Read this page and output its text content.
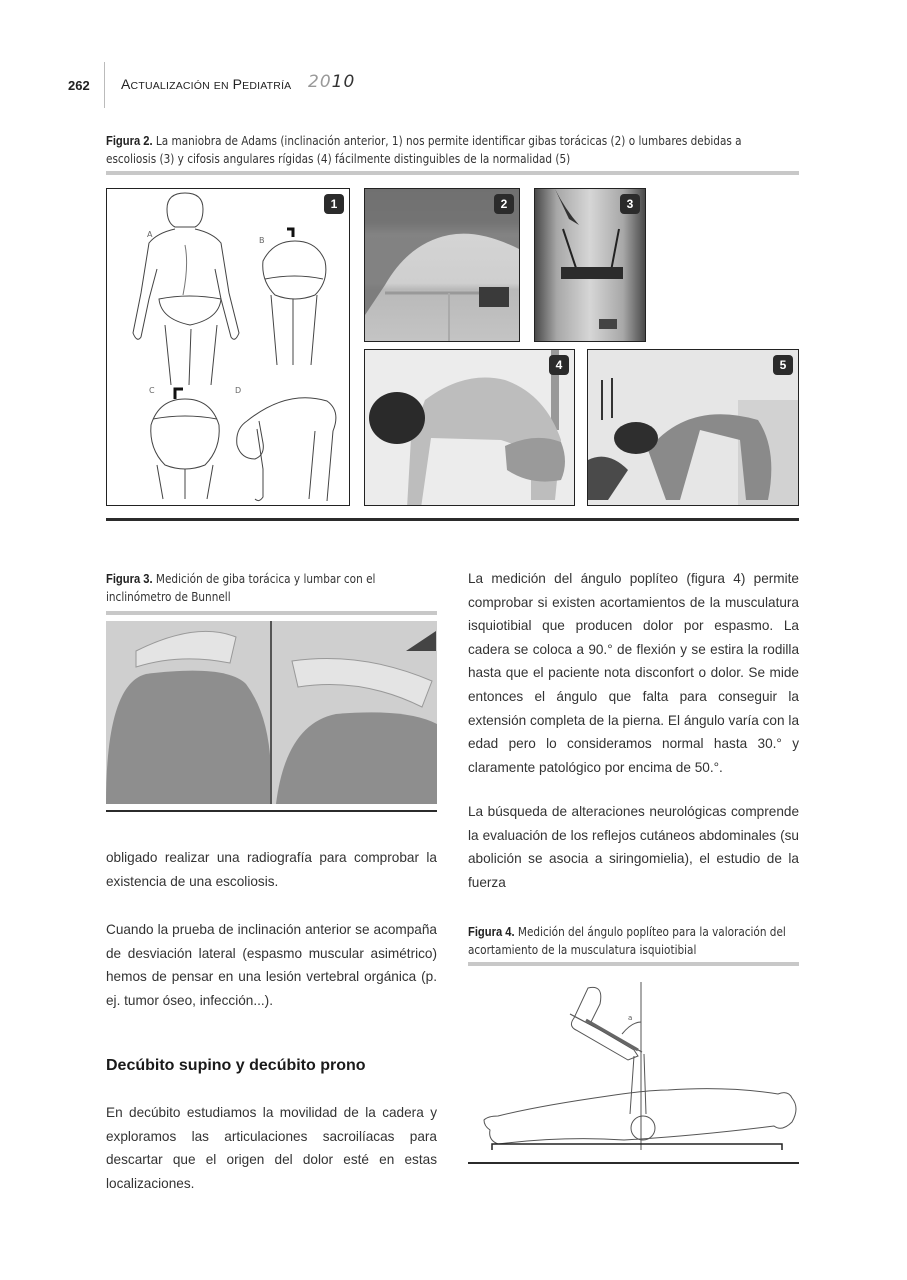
262 ACTUALIZACIÓN EN PEDIATRÍA 2010
Figura 2. La maniobra de Adams (inclinación anterior, 1) nos permite identificar gibas torácicas (2) o lumbares debidas a escoliosis (3) y cifosis angulares rígidas (4) fácilmente distinguibles de la normalidad (5)
A
B
C	D
1	2	3
4	5
Figura 3. Medición de giba torácica y lumbar con el inclinómetro de Bunnell

obligado realizar una radiografía para comprobar la existencia de una escoliosis.

Cuando la prueba de inclinación anterior se acompaña de desviación lateral (espasmo muscular asimétrico) hemos de pensar en una lesión vertebral orgánica (p. ej. tumor óseo, infección...).

Decúbito supino y decúbito prono

En decúbito estudiamos la movilidad de la cadera y exploramos las articulaciones sacroilíacas para descartar que el origen del dolor esté en estas localizaciones.

La medición del ángulo poplíteo (figura 4) permite comprobar si existen acortamientos de la musculatura isquiotibial que producen dolor por espasmo. La cadera se coloca a 90.° de flexión y se estira la rodilla hasta que el paciente nota disconfort o dolor. Se mide entonces el ángulo que falta para conseguir la extensión completa de la pierna. El ángulo varía con la edad pero lo consideramos normal hasta 30.° y claramente patológico por encima de 50.°.

La búsqueda de alteraciones neurológicas comprende la evaluación de los reflejos cutáneos abdominales (su abolición se asocia a siringomielia), el estudio de la fuerza

Figura 4. Medición del ángulo poplíteo para la valoración del acortamiento de la musculatura isquiotibial
a
